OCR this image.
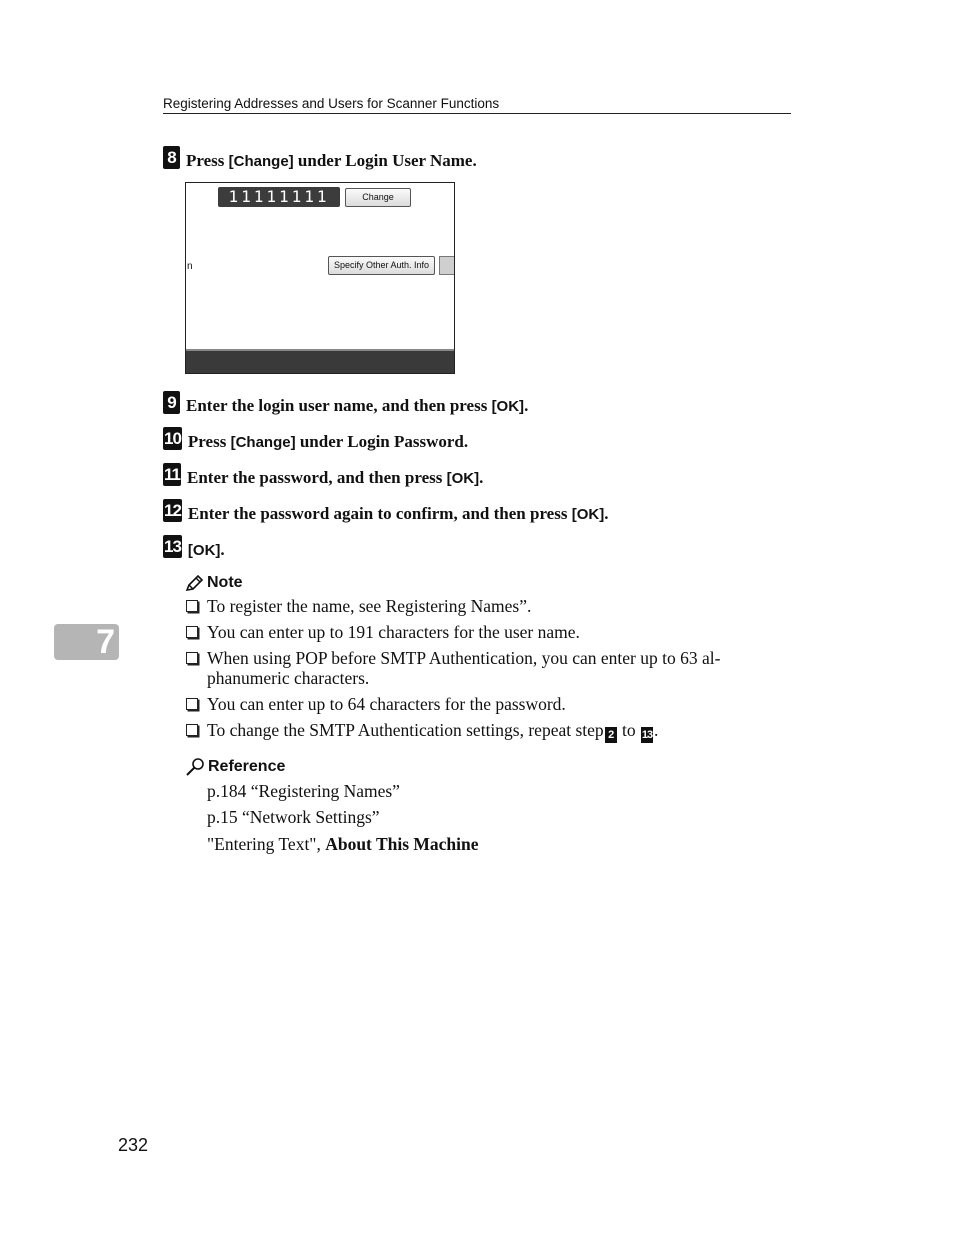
Registering Addresses and Users for Scanner Functions
8 Press [Change] under Login User Name.
11111111	Change
n	Specify Other Auth. Info
9 Enter the login user name, and then press [OK].
10 Press [Change] under Login Password.
11 Enter the password, and then press [OK].
12 Enter the password again to confirm, and then press [OK].
13 [OK].
Note
To register the name, see Registering Names”.
You can enter up to 191 characters for the user name.
When using POP before SMTP Authentication, you can enter up to 63 al-phanumeric characters.
You can enter up to 64 characters for the password.
To change the SMTP Authentication settings, repeat step 2 to 13 .
Reference
p.184 “Registering Names”
p.15 “Network Settings”
"Entering Text", About This Machine
7
232
